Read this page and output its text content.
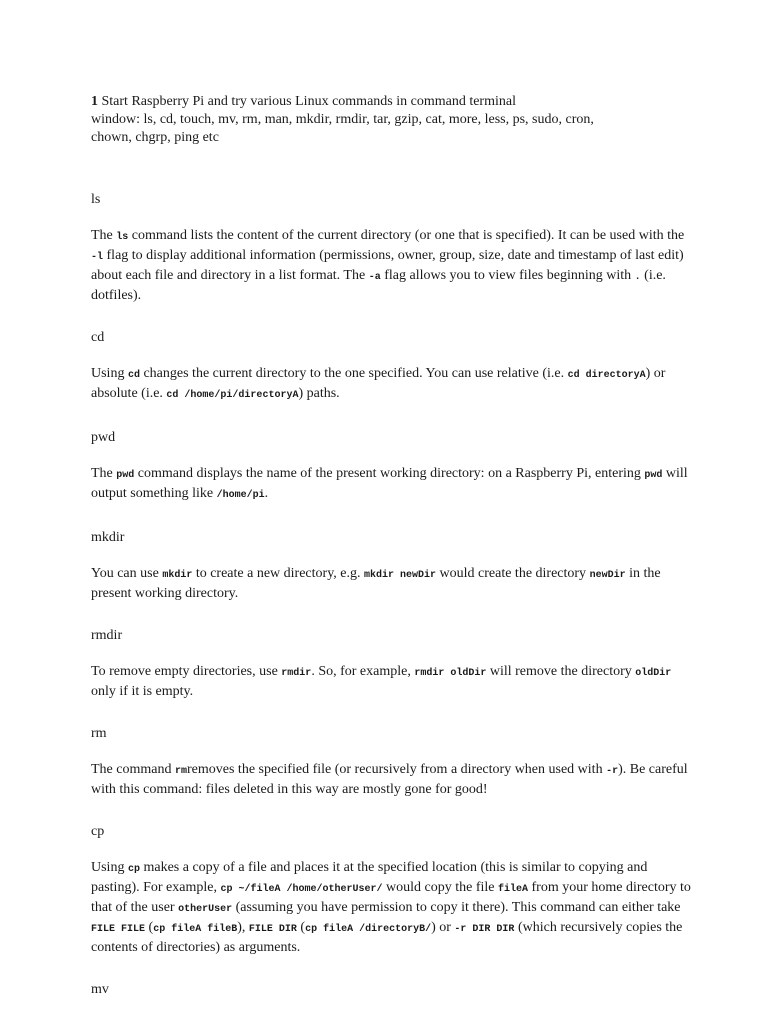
1 Start Raspberry Pi and try various Linux commands in command terminal
window: ls, cd, touch, mv, rm, man, mkdir, rmdir, tar, gzip, cat, more, less, ps, sudo, cron,
chown, chgrp, ping etc
ls

The ls command lists the content of the current directory (or one that is specified). It can be used with the -l flag to display additional information (permissions, owner, group, size, date and timestamp of last edit) about each file and directory in a list format. The -a flag allows you to view files beginning with . (i.e. dotfiles).

cd

Using cd changes the current directory to the one specified. You can use relative (i.e. cd directoryA) or absolute (i.e. cd /home/pi/directoryA) paths.

pwd

The pwd command displays the name of the present working directory: on a Raspberry Pi, entering pwd will output something like /home/pi.

mkdir

You can use mkdir to create a new directory, e.g. mkdir newDir would create the directory newDir in the present working directory.

rmdir

To remove empty directories, use rmdir. So, for example, rmdir oldDir will remove the directory oldDir only if it is empty.

rm

The command rmremoves the specified file (or recursively from a directory when used with -r). Be careful with this command: files deleted in this way are mostly gone for good!

cp

Using cp makes a copy of a file and places it at the specified location (this is similar to copying and pasting). For example, cp ~/fileA /home/otherUser/ would copy the file fileA from your home directory to that of the user otherUser (assuming you have permission to copy it there). This command can either take FILE FILE (cp fileA fileB), FILE DIR (cp fileA /directoryB/) or -r DIR DIR (which recursively copies the contents of directories) as arguments.

mv
